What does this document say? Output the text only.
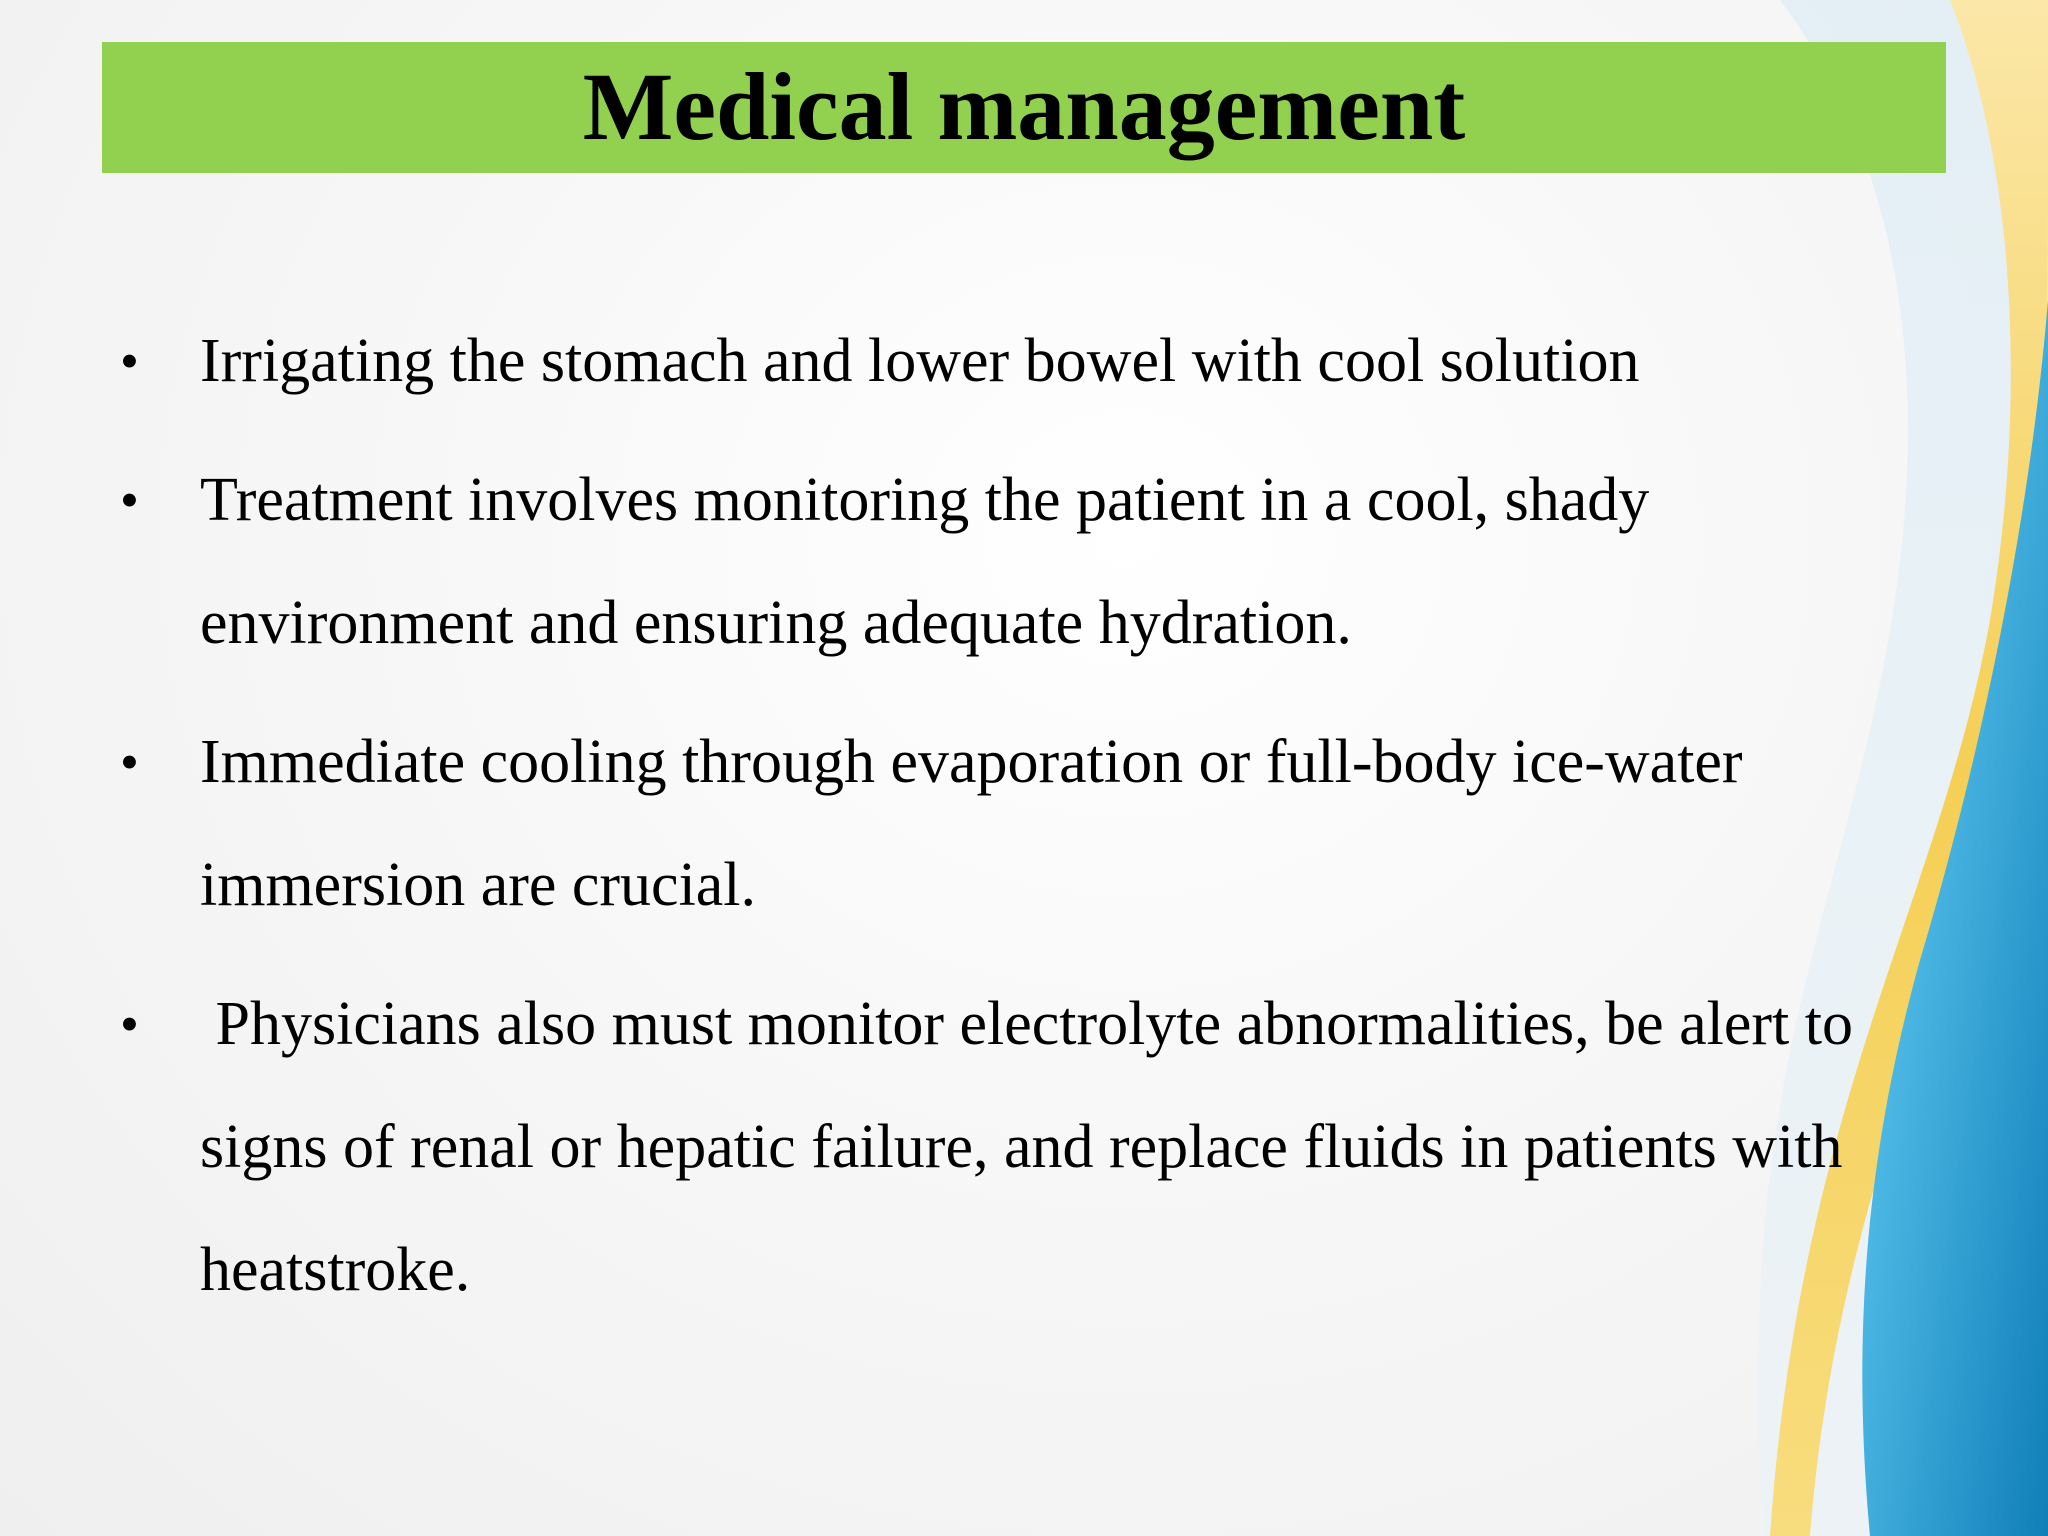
Medical management
• Irrigating the stomach and lower bowel with cool solution
• Treatment involves monitoring the patient in a cool, shady environment and ensuring adequate hydration.
• Immediate cooling through evaporation or full-body ice-water immersion are crucial.
• Physicians also must monitor electrolyte abnormalities, be alert to signs of renal or hepatic failure, and replace fluids in patients with heatstroke.
